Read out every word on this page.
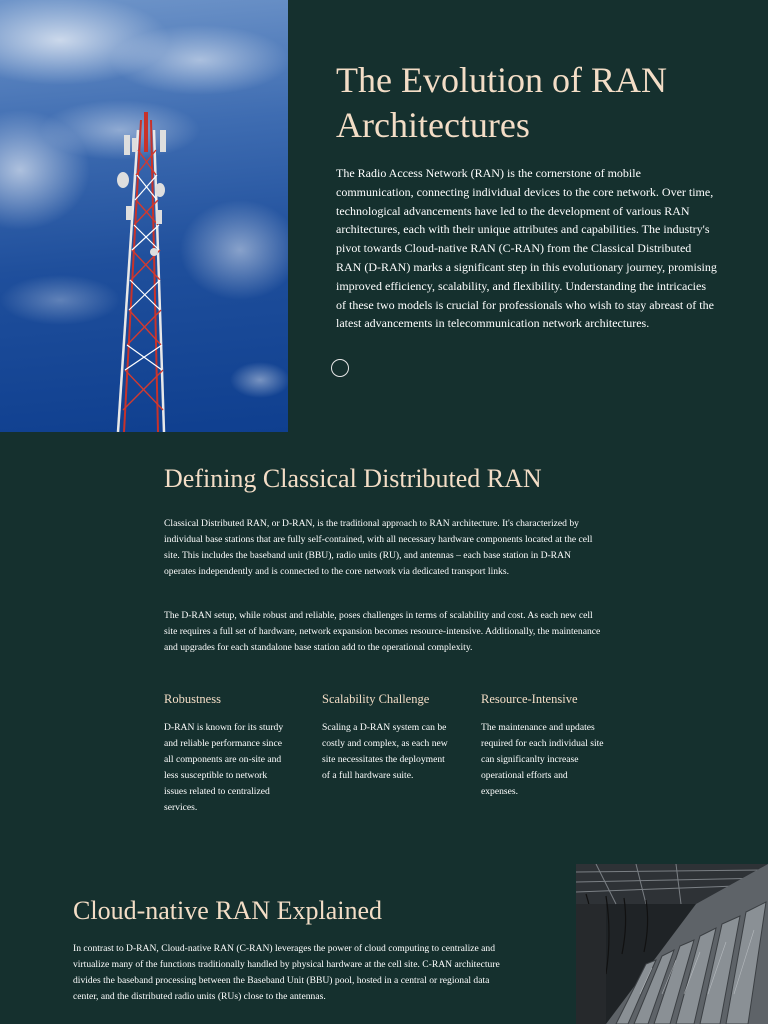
The Evolution of RAN Architectures

The Radio Access Network (RAN) is the cornerstone of mobile communication, connecting individual devices to the core network. Over time, technological advancements have led to the development of various RAN architectures, each with their unique attributes and capabilities. The industry's pivot towards Cloud-native RAN (C-RAN) from the Classical Distributed RAN (D-RAN) marks a significant step in this evolutionary journey, promising improved efficiency, scalability, and flexibility. Understanding the intricacies of these two models is crucial for professionals who wish to stay abreast of the latest advancements in telecommunication network architectures.

Defining Classical Distributed RAN

Classical Distributed RAN, or D-RAN, is the traditional approach to RAN architecture. It's characterized by individual base stations that are fully self-contained, with all necessary hardware components located at the cell site. This includes the baseband unit (BBU), radio units (RU), and antennas – each base station in D-RAN operates independently and is connected to the core network via dedicated transport links.

The D-RAN setup, while robust and reliable, poses challenges in terms of scalability and cost. As each new cell site requires a full set of hardware, network expansion becomes resource-intensive. Additionally, the maintenance and upgrades for each standalone base station add to the operational complexity.

Robustness

D-RAN is known for its sturdy and reliable performance since all components are on-site and less susceptible to network issues related to centralized services.

Scalability Challenge

Scaling a D-RAN system can be costly and complex, as each new site necessitates the deployment of a full hardware suite.

Resource-Intensive

The maintenance and updates required for each individual site can significanlty increase operational efforts and expenses.

Cloud-native RAN Explained

In contrast to D-RAN, Cloud-native RAN (C-RAN) leverages the power of cloud computing to centralize and virtualize many of the functions traditionally handled by physical hardware at the cell site. C-RAN architecture divides the baseband processing between the Baseband Unit (BBU) pool, hosted in a central or regional data center, and the distributed radio units (RUs) close to the antennas.
